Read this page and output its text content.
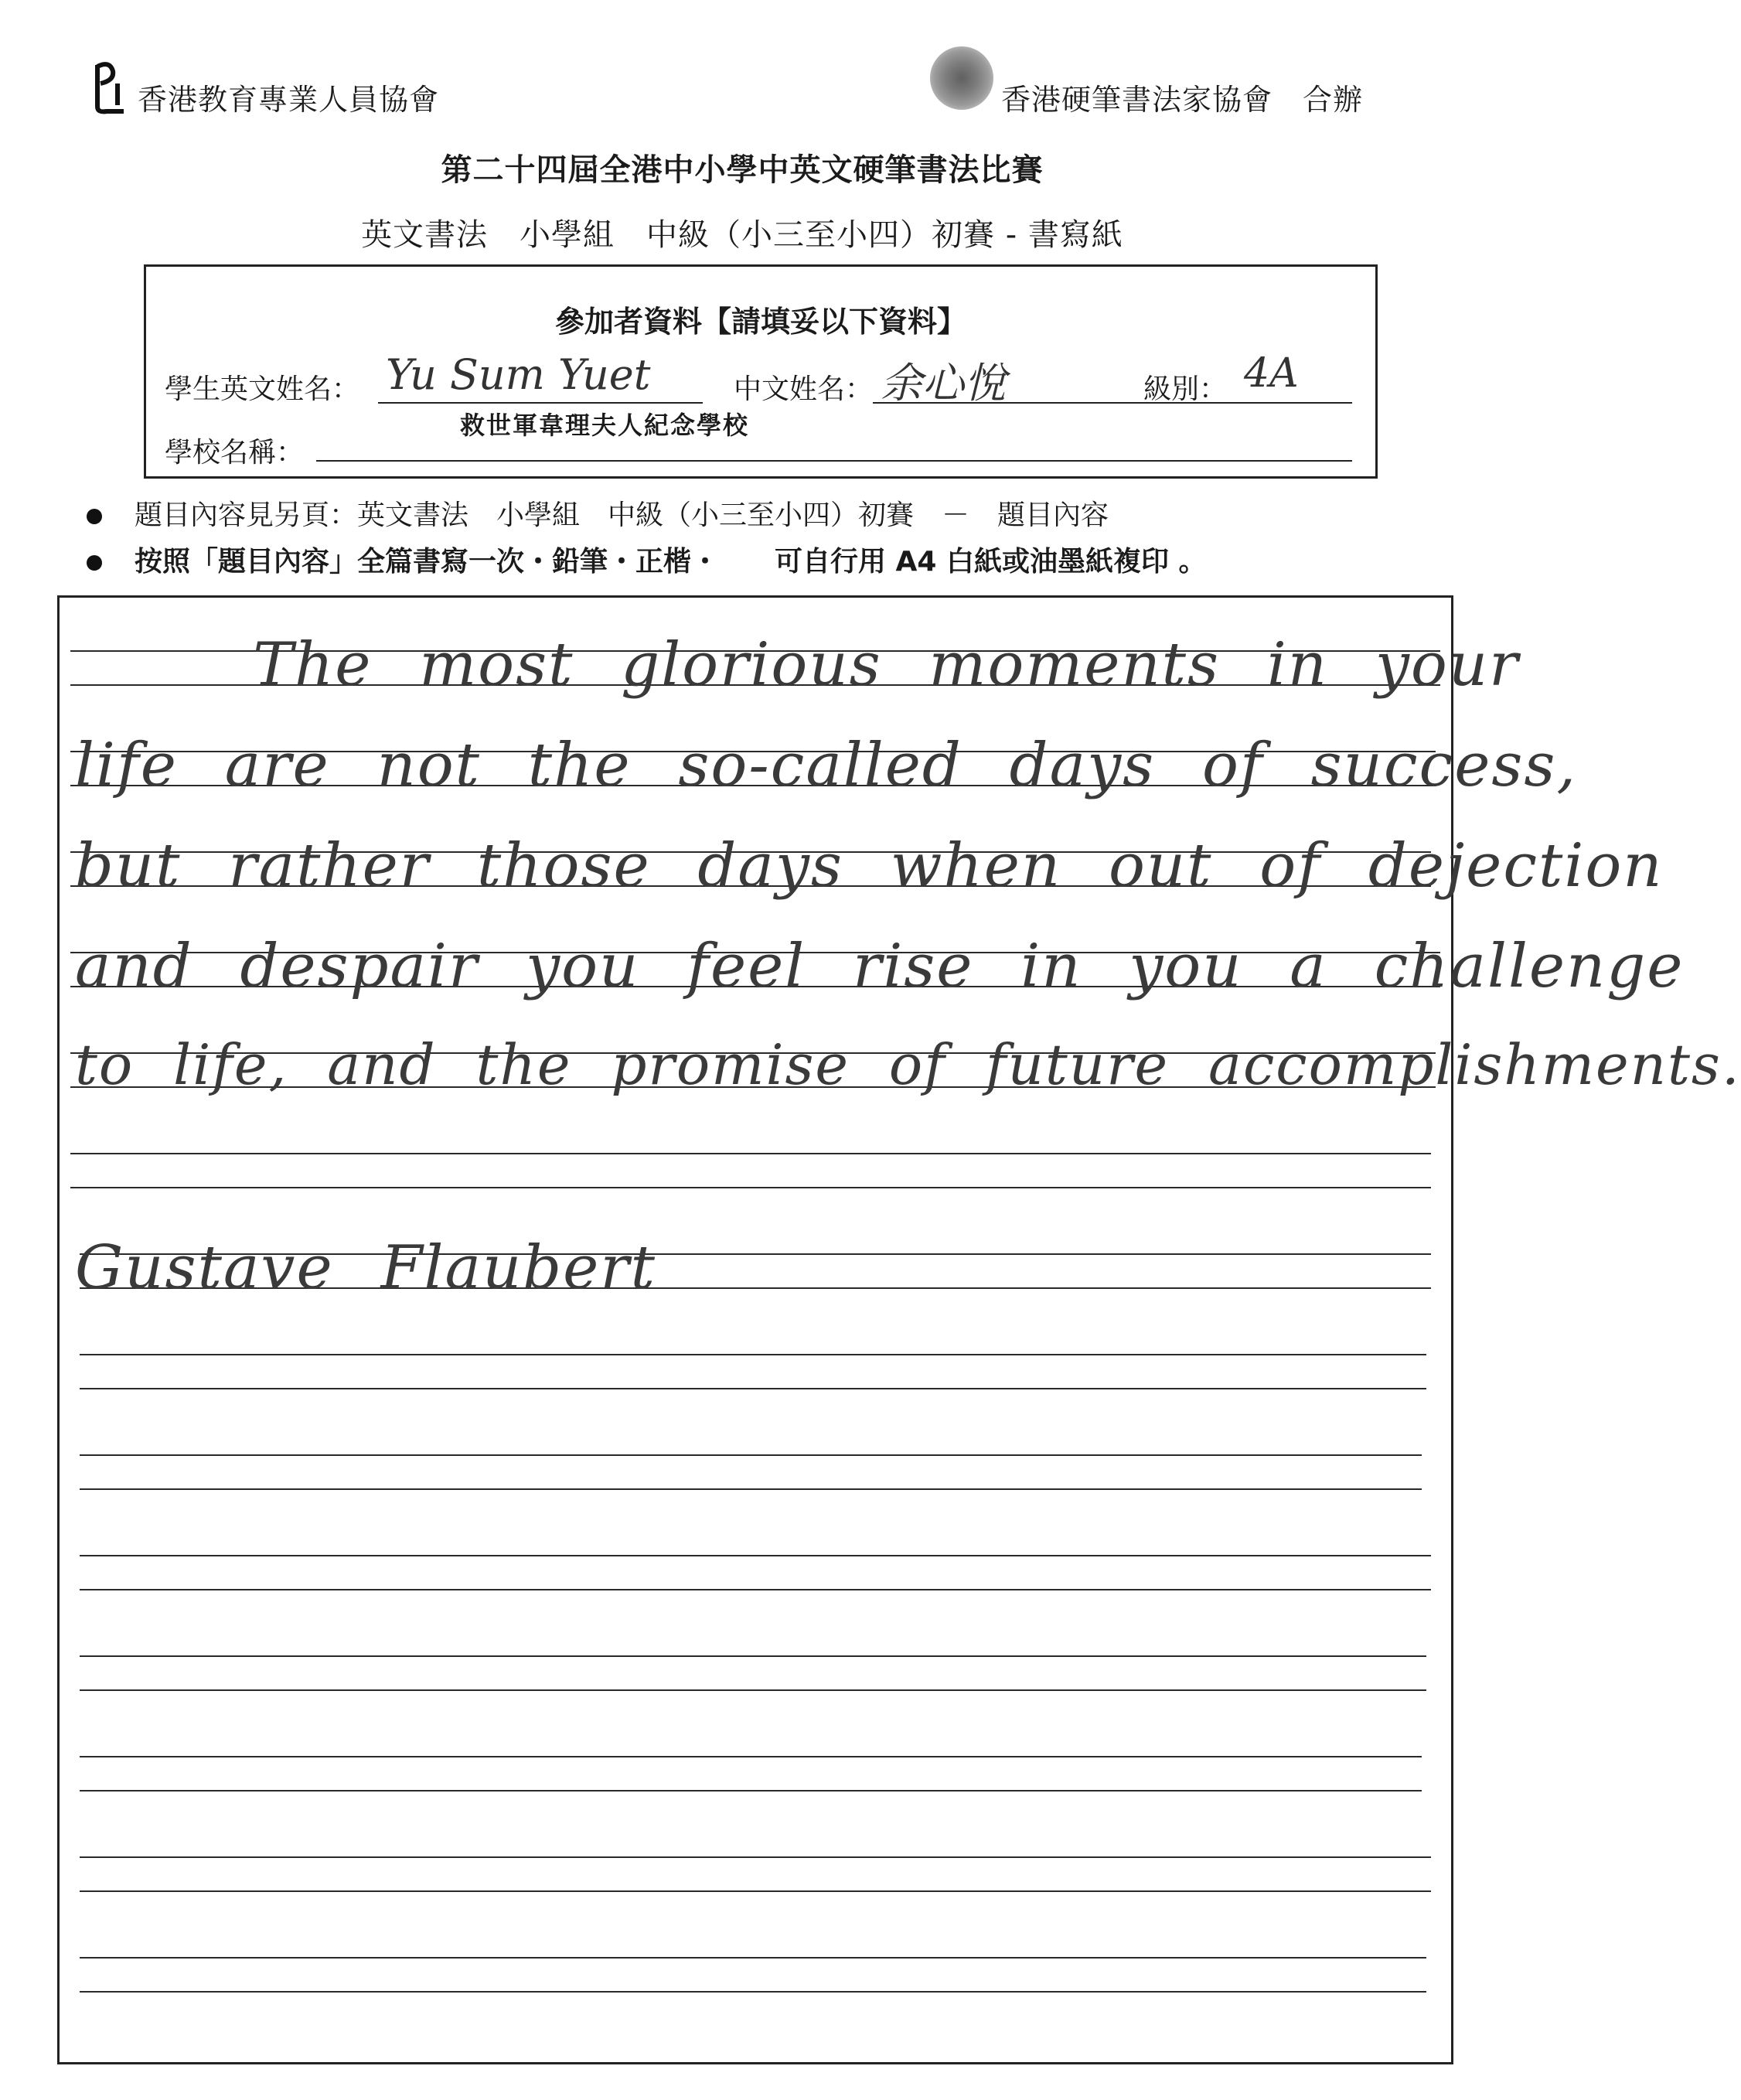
香港教育專業人員協會	香港硬筆書法家協會　合辦
第二十四屆全港中小學中英文硬筆書法比賽
英文書法　小學組　中級（小三至小四）初賽 - 書寫紙
參加者資料【請填妥以下資料】
學生英文姓名： Yu Sum Yuet	中文姓名： 余心悅	級別： 4A
學校名稱：
救世軍韋理夫人紀念學校
題目內容見另頁：英文書法　小學組　中級（小三至小四）初賽　－　題目內容
按照「題目內容」全篇書寫一次・鉛筆・正楷・　　可自行用 A4 白紙或油墨紙複印 。
The most glorious moments in your
life are not the so-called days of success,
but rather those days when out of dejection
and despair you feel rise in you a challenge
to life, and the promise of future accomplishments.
Gustave Flaubert
